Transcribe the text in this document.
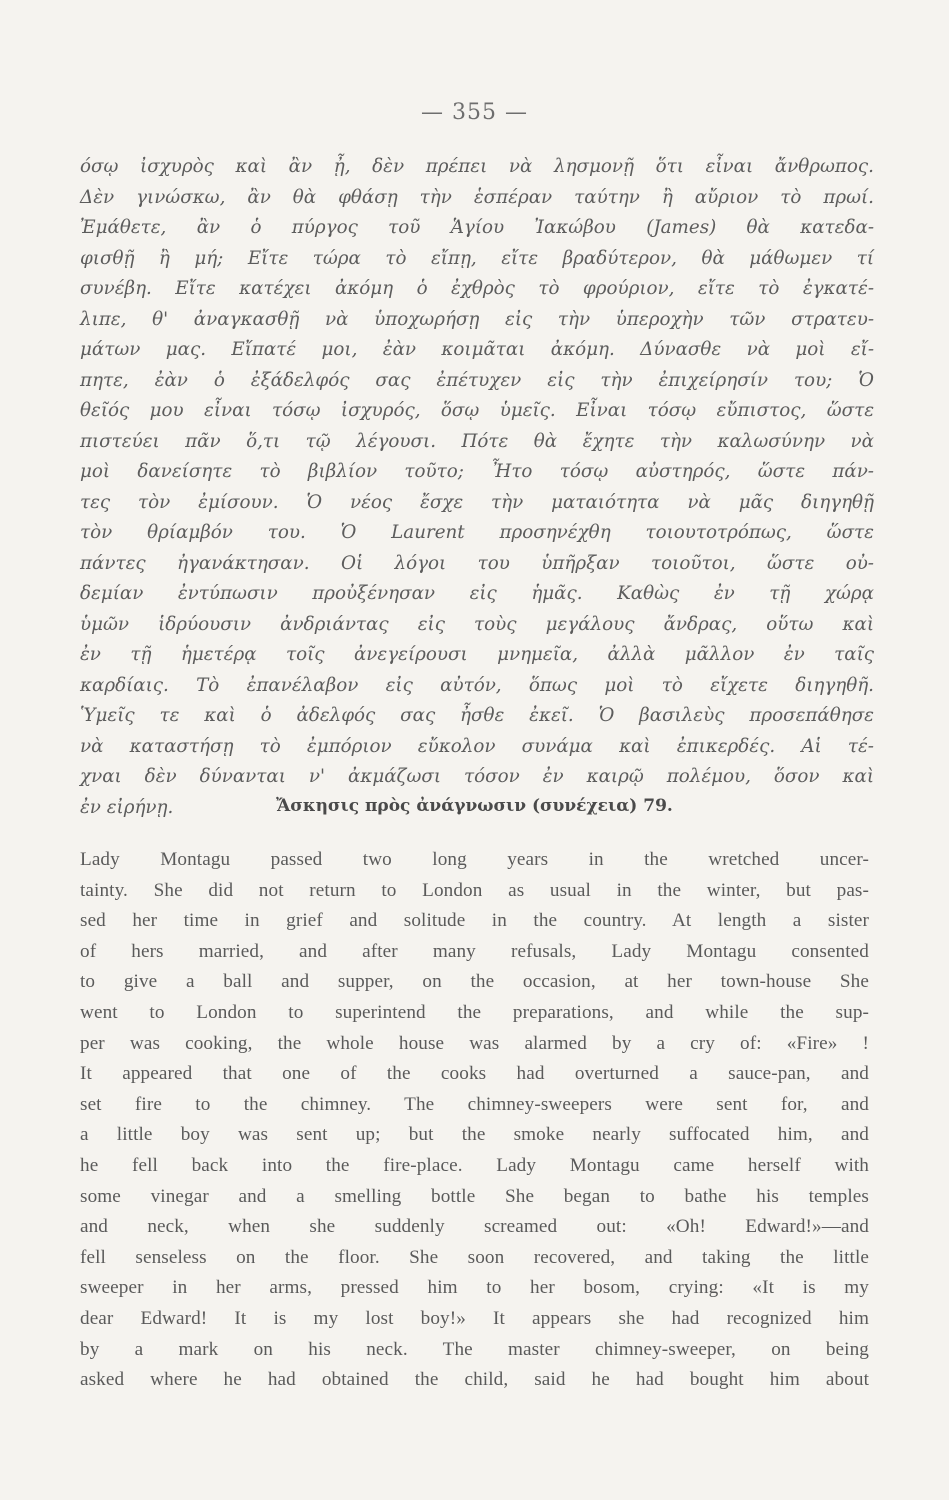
— 355 —
όσῳ ἰσχυρὸς καὶ ἂν ᾖ, δὲν πρέπει νὰ λησμονῇ ὅτι εἶναι ἄνθρωπος.
Δὲν γινώσκω, ἂν θὰ φθάσῃ τὴν ἑσπέραν ταύτην ἢ αὔριον τὸ πρωί.
Ἐμάθετε, ἂν ὁ πύργος τοῦ Ἁγίου Ἰακώβου (James) θὰ κατεδα-
φισθῇ ἢ μή; Εἴτε τώρα τὸ εἴπῃ, εἴτε βραδύτερον, θὰ μάθωμεν τί
συνέβη. Εἴτε κατέχει ἀκόμη ὁ ἐχθρὸς τὸ φρούριον, εἴτε τὸ ἐγκατέ-
λιπε, θ' ἀναγκασθῇ νὰ ὑποχωρήσῃ εἰς τὴν ὑπεροχὴν τῶν στρατευ-
μάτων μας. Εἴπατέ μοι, ἐὰν κοιμᾶται ἀκόμη. Δύνασθε νὰ μοὶ εἴ-
πητε, ἐὰν ὁ ἐξάδελφός σας ἐπέτυχεν εἰς τὴν ἐπιχείρησίν του; Ὁ
θεῖός μου εἶναι τόσῳ ἰσχυρός, ὅσῳ ὑμεῖς. Εἶναι τόσῳ εὔπιστος, ὥστε
πιστεύει πᾶν ὅ,τι τῷ λέγουσι. Πότε θὰ ἔχητε τὴν καλωσύνην νὰ
μοὶ δανείσητε τὸ βιβλίον τοῦτο; Ἦτο τόσῳ αὐστηρός, ὥστε πάν-
τες τὸν ἐμίσουν. Ὁ νέος ἔσχε τὴν ματαιότητα νὰ μᾶς διηγηθῇ
τὸν θρίαμβόν του. Ὁ Laurent προσηνέχθη τοιουτοτρόπως, ὥστε
πάντες ἠγανάκτησαν. Οἱ λόγοι του ὑπῆρξαν τοιοῦτοι, ὥστε οὐ-
δεμίαν ἐντύπωσιν προὐξένησαν εἰς ἡμᾶς. Καθὼς ἐν τῇ χώρᾳ
ὑμῶν ἱδρύουσιν ἀνδριάντας εἰς τοὺς μεγάλους ἄνδρας, οὕτω καὶ
ἐν τῇ ἡμετέρᾳ τοῖς ἀνεγείρουσι μνημεῖα, ἀλλὰ μᾶλλον ἐν ταῖς
καρδίαις. Τὸ ἐπανέλαβον εἰς αὐτόν, ὅπως μοὶ τὸ εἴχετε διηγηθῆ.
Ὑμεῖς τε καὶ ὁ ἀδελφός σας ἦσθε ἐκεῖ. Ὁ βασιλεὺς προσεπάθησε
νὰ καταστήσῃ τὸ ἐμπόριον εὔκολον συνάμα καὶ ἐπικερδές. Αἱ τέ-
χναι δὲν δύνανται ν' ἀκμάζωσι τόσον ἐν καιρῷ πολέμου, ὅσον καὶ
ἐν εἰρήνῃ.	Ἄσκησις πρὸς ἀνάγνωσιν (συνέχεια) 79.
Lady Montagu passed two long years in the wretched uncer-
tainty. She did not return to London as usual in the winter, but pas-
sed her time in grief and solitude in the country. At length a sister
of hers married, and after many refusals, Lady Montagu consented
to give a ball and supper, on the occasion, at her town-house She
went to London to superintend the preparations, and while the sup-
per was cooking, the whole house was alarmed by a cry of: «Fire» !
It appeared that one of the cooks had overturned a sauce-pan, and
set fire to the chimney. The chimney-sweepers were sent for, and
a little boy was sent up; but the smoke nearly suffocated him, and
he fell back into the fire-place. Lady Montagu came herself with
some vinegar and a smelling bottle She began to bathe his temples
and neck, when she suddenly screamed out: «Oh! Edward!»—and
fell senseless on the floor. She soon recovered, and taking the little
sweeper in her arms, pressed him to her bosom, crying: «It is my
dear Edward! It is my lost boy!» It appears she had recognized him
by a mark on his neck. The master chimney-sweeper, on being
asked where he had obtained the child, said he had bought him about
